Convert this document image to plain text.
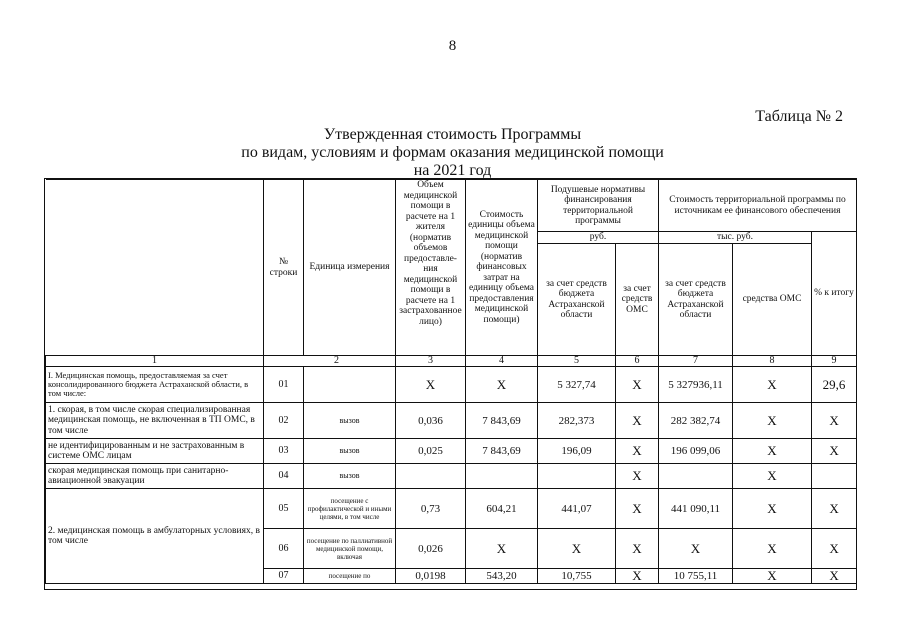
8
Таблица № 2
Утвержденная стоимость Программы
по видам, условиям и формам оказания медицинской помощи
на 2021 год
	№ строки	Единица измерения	Объем медицинской помощи в расчете на 1 жителя (норматив объемов предоставле-ния медицинской помощи в расчете на 1 застрахованное лицо)	Стоимость единицы объема медицинской помощи (норматив финансовых затрат на единицу объема предоставления медицинской помощи)	Подушевые нормативы финансирования территориальной программы		Стоимость территориальной программы по источникам ее финансового обеспечения		
					руб.		тыс. руб.		% к итогу
					за счет средств бюджета Астраханской области	за счет средств ОМС	за счет средств бюджета Астраханской области	средства ОМС	
1	2		3	4	5	6	7	8	9
I. Медицинская помощь, предоставляемая за счет консолидированного бюджета Астраханской области, в том числе:	01		X	X	5 327,74	X	5 327936,11	X	29,6
1. скорая, в том числе скорая специализированная медицинская помощь, не включенная в ТП ОМС, в том числе	02	вызов	0,036	7 843,69	282,373	X	282 382,74	X	X
не идентифицированным и не застрахованным в системе ОМС лицам	03	вызов	0,025	7 843,69	196,09	X	196 099,06	X	X
скорая медицинская помощь при санитарно-авиационной эвакуации	04	вызов				X		X	
2. медицинская помощь в амбулаторных условиях, в том числе	05	посещение с профилактической и иными целями, в том числе	0,73	604,21	441,07	X	441 090,11	X	X
	06	посещение по паллиативной медицинской помощи, включая	0,026	X	X	X	X	X	X
	07	посещение по	0,0198	543,20	10,755	X	10 755,11	X	X
